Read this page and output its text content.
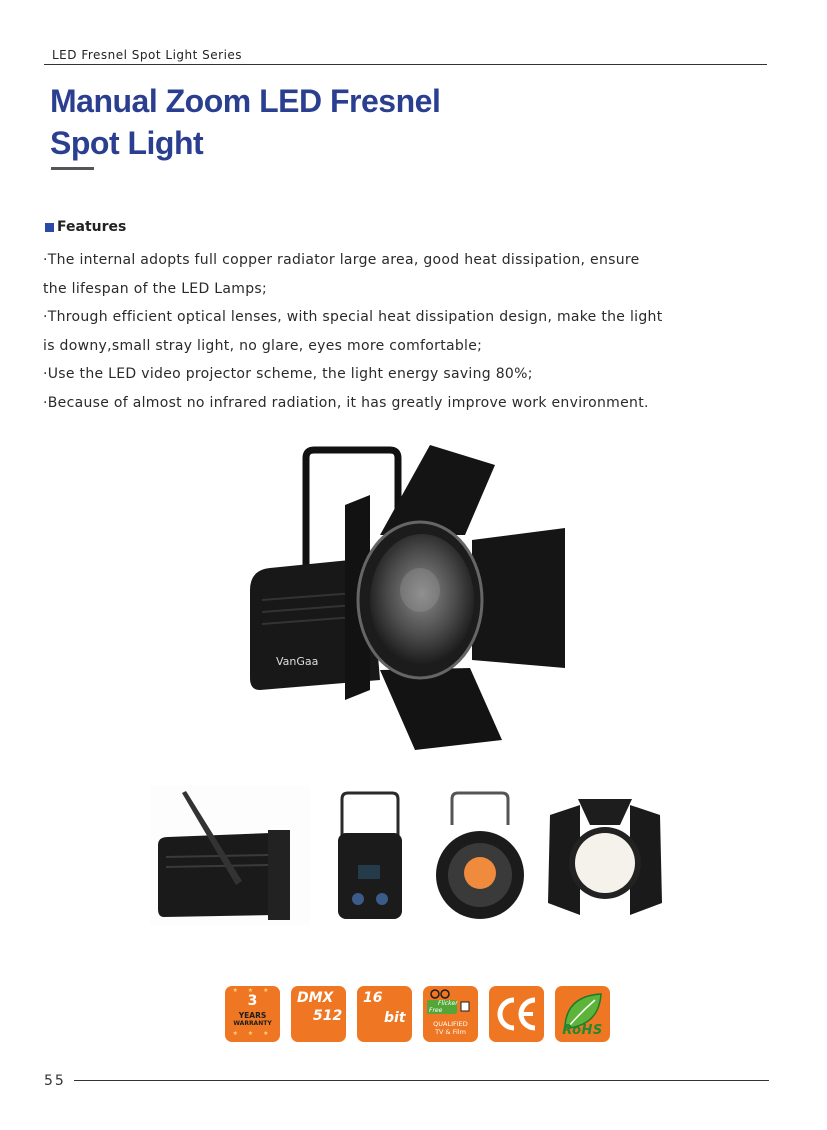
LED Fresnel Spot Light Series
Manual Zoom LED Fresnel
Spot Light
Features

·The internal adopts full copper radiator large area, good heat dissipation, ensure

the lifespan of the LED Lamps;

·Through efficient optical lenses, with special heat dissipation design, make the light

is downy,small stray light, no glare, eyes more comfortable;

·Use the LED video projector scheme, the light energy saving 80%;

·Because of almost no infrared radiation, it has greatly improve work environment.

VanGaa
★ ★ ★
3
YEARS
WARRANTY
★ ★ ★
DMX
512
16
bit
Flicker
Free
QUALIFIED
TV & Film	RoHS
55
